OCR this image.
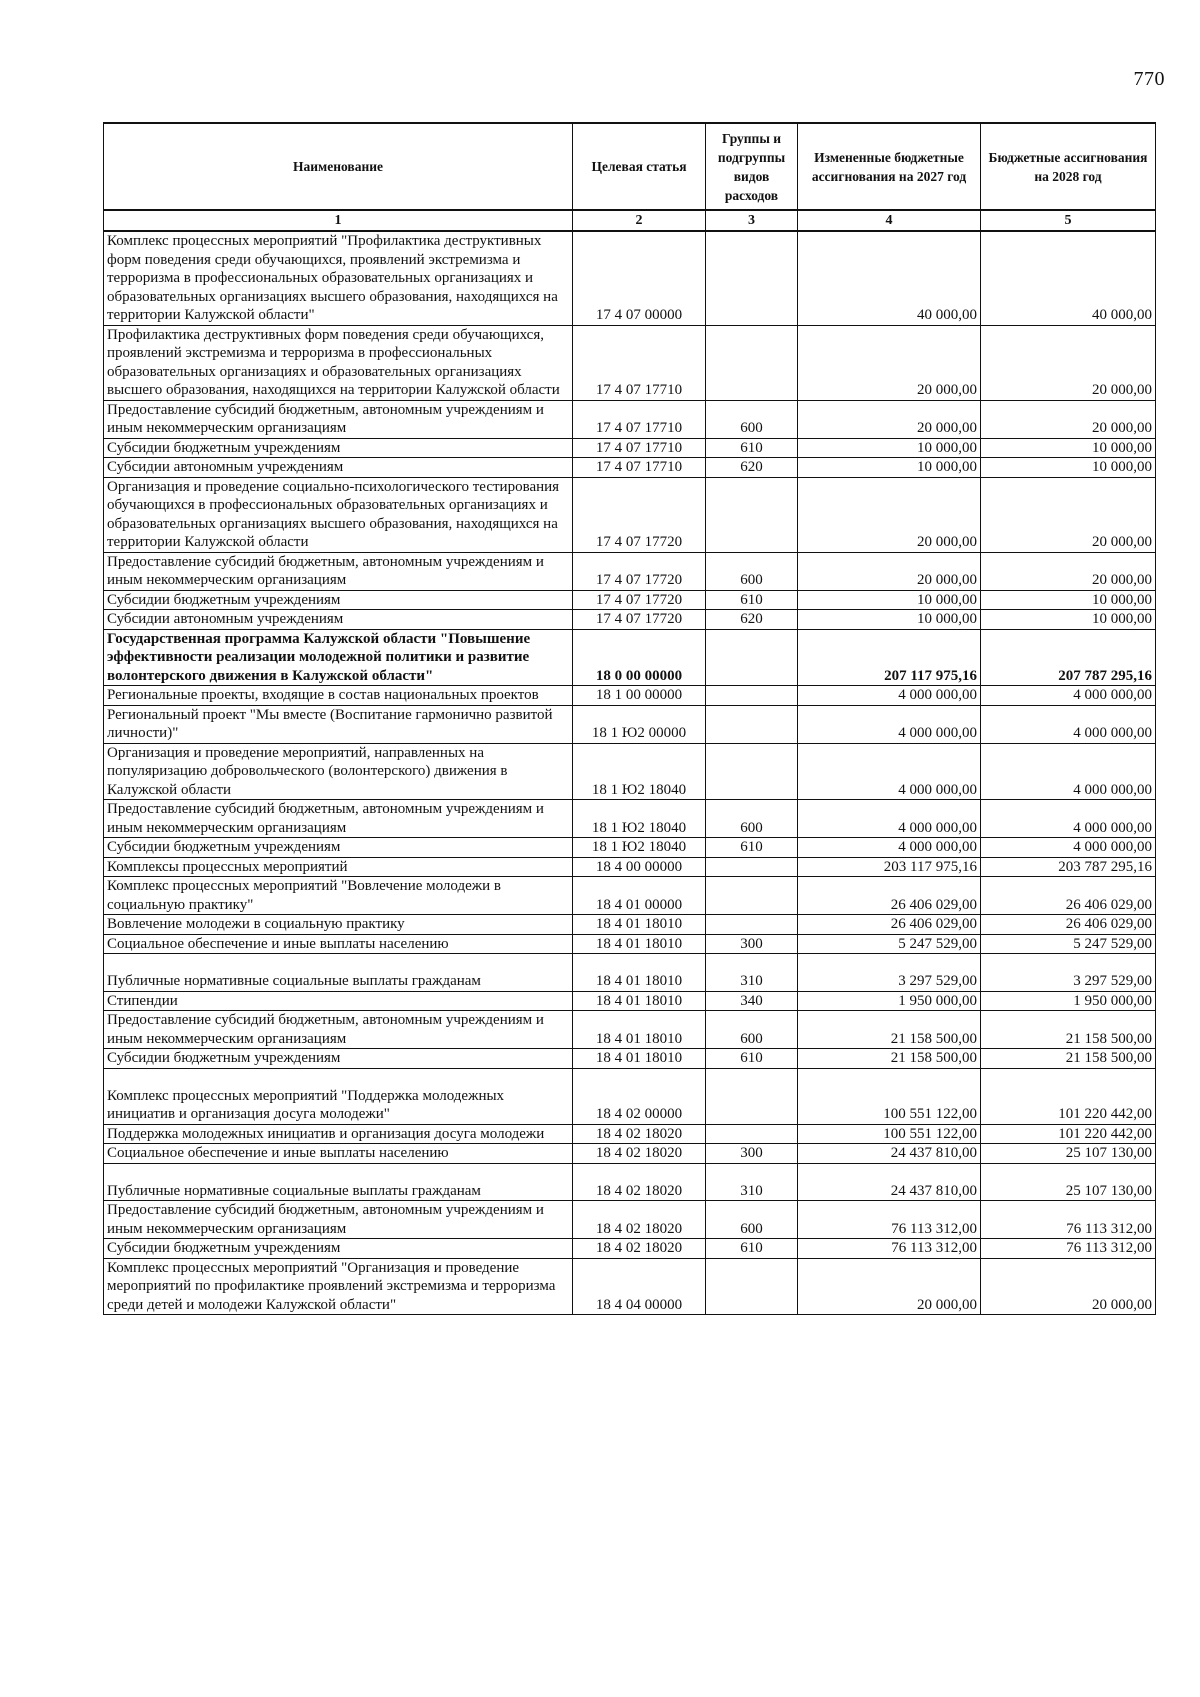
770
Наименование	Целевая статья	Группы и подгруппы видов расходов	Измененные бюджетные ассигнования на 2027 год	Бюджетные ассигнования на 2028 год
1	2	3	4	5
Комплекс процессных мероприятий "Профилактика деструктивных форм поведения среди обучающихся, проявлений экстремизма и терроризма в профессиональных образовательных организациях и образовательных организациях высшего образования, находящихся на территории Калужской области"	17 4 07 00000		40 000,00	40 000,00
Профилактика деструктивных форм поведения среди обучающихся, проявлений экстремизма и терроризма в профессиональных образовательных организациях и образовательных организациях высшего образования, находящихся на территории Калужской области	17 4 07 17710		20 000,00	20 000,00
Предоставление субсидий бюджетным, автономным учреждениям и иным некоммерческим организациям	17 4 07 17710	600	20 000,00	20 000,00
Субсидии бюджетным учреждениям	17 4 07 17710	610	10 000,00	10 000,00
Субсидии автономным учреждениям	17 4 07 17710	620	10 000,00	10 000,00
Организация и проведение социально-психологического тестирования обучающихся в профессиональных образовательных организациях и образовательных организациях высшего образования, находящихся на территории Калужской области	17 4 07 17720		20 000,00	20 000,00
Предоставление субсидий бюджетным, автономным учреждениям и иным некоммерческим организациям	17 4 07 17720	600	20 000,00	20 000,00
Субсидии бюджетным учреждениям	17 4 07 17720	610	10 000,00	10 000,00
Субсидии автономным учреждениям	17 4 07 17720	620	10 000,00	10 000,00
Государственная программа Калужской области "Повышение эффективности реализации молодежной политики и развитие волонтерского движения в Калужской области"	18 0 00 00000		207 117 975,16	207 787 295,16
Региональные проекты, входящие в состав национальных проектов	18 1 00 00000		4 000 000,00	4 000 000,00
Региональный проект "Мы вместе (Воспитание гармонично развитой личности)"	18 1 Ю2 00000		4 000 000,00	4 000 000,00
Организация и проведение мероприятий, направленных на популяризацию добровольческого (волонтерского) движения в Калужской области	18 1 Ю2 18040		4 000 000,00	4 000 000,00
Предоставление субсидий бюджетным, автономным учреждениям и иным некоммерческим организациям	18 1 Ю2 18040	600	4 000 000,00	4 000 000,00
Субсидии бюджетным учреждениям	18 1 Ю2 18040	610	4 000 000,00	4 000 000,00
Комплексы процессных мероприятий	18 4 00 00000		203 117 975,16	203 787 295,16
Комплекс процессных мероприятий "Вовлечение молодежи в социальную практику"	18 4 01 00000		26 406 029,00	26 406 029,00
Вовлечение молодежи в социальную практику	18 4 01 18010		26 406 029,00	26 406 029,00
Социальное обеспечение и иные выплаты населению	18 4 01 18010	300	5 247 529,00	5 247 529,00
Публичные нормативные социальные выплаты гражданам	18 4 01 18010	310	3 297 529,00	3 297 529,00
Стипендии	18 4 01 18010	340	1 950 000,00	1 950 000,00
Предоставление субсидий бюджетным, автономным учреждениям и иным некоммерческим организациям	18 4 01 18010	600	21 158 500,00	21 158 500,00
Субсидии бюджетным учреждениям	18 4 01 18010	610	21 158 500,00	21 158 500,00
Комплекс процессных мероприятий "Поддержка молодежных инициатив и организация досуга молодежи"	18 4 02 00000		100 551 122,00	101 220 442,00
Поддержка молодежных инициатив и организация досуга молодежи	18 4 02 18020		100 551 122,00	101 220 442,00
Социальное обеспечение и иные выплаты населению	18 4 02 18020	300	24 437 810,00	25 107 130,00
Публичные нормативные социальные выплаты гражданам	18 4 02 18020	310	24 437 810,00	25 107 130,00
Предоставление субсидий бюджетным, автономным учреждениям и иным некоммерческим организациям	18 4 02 18020	600	76 113 312,00	76 113 312,00
Субсидии бюджетным учреждениям	18 4 02 18020	610	76 113 312,00	76 113 312,00
Комплекс процессных мероприятий "Организация и проведение мероприятий по профилактике проявлений экстремизма и терроризма среди детей и молодежи Калужской области"	18 4 04 00000		20 000,00	20 000,00
